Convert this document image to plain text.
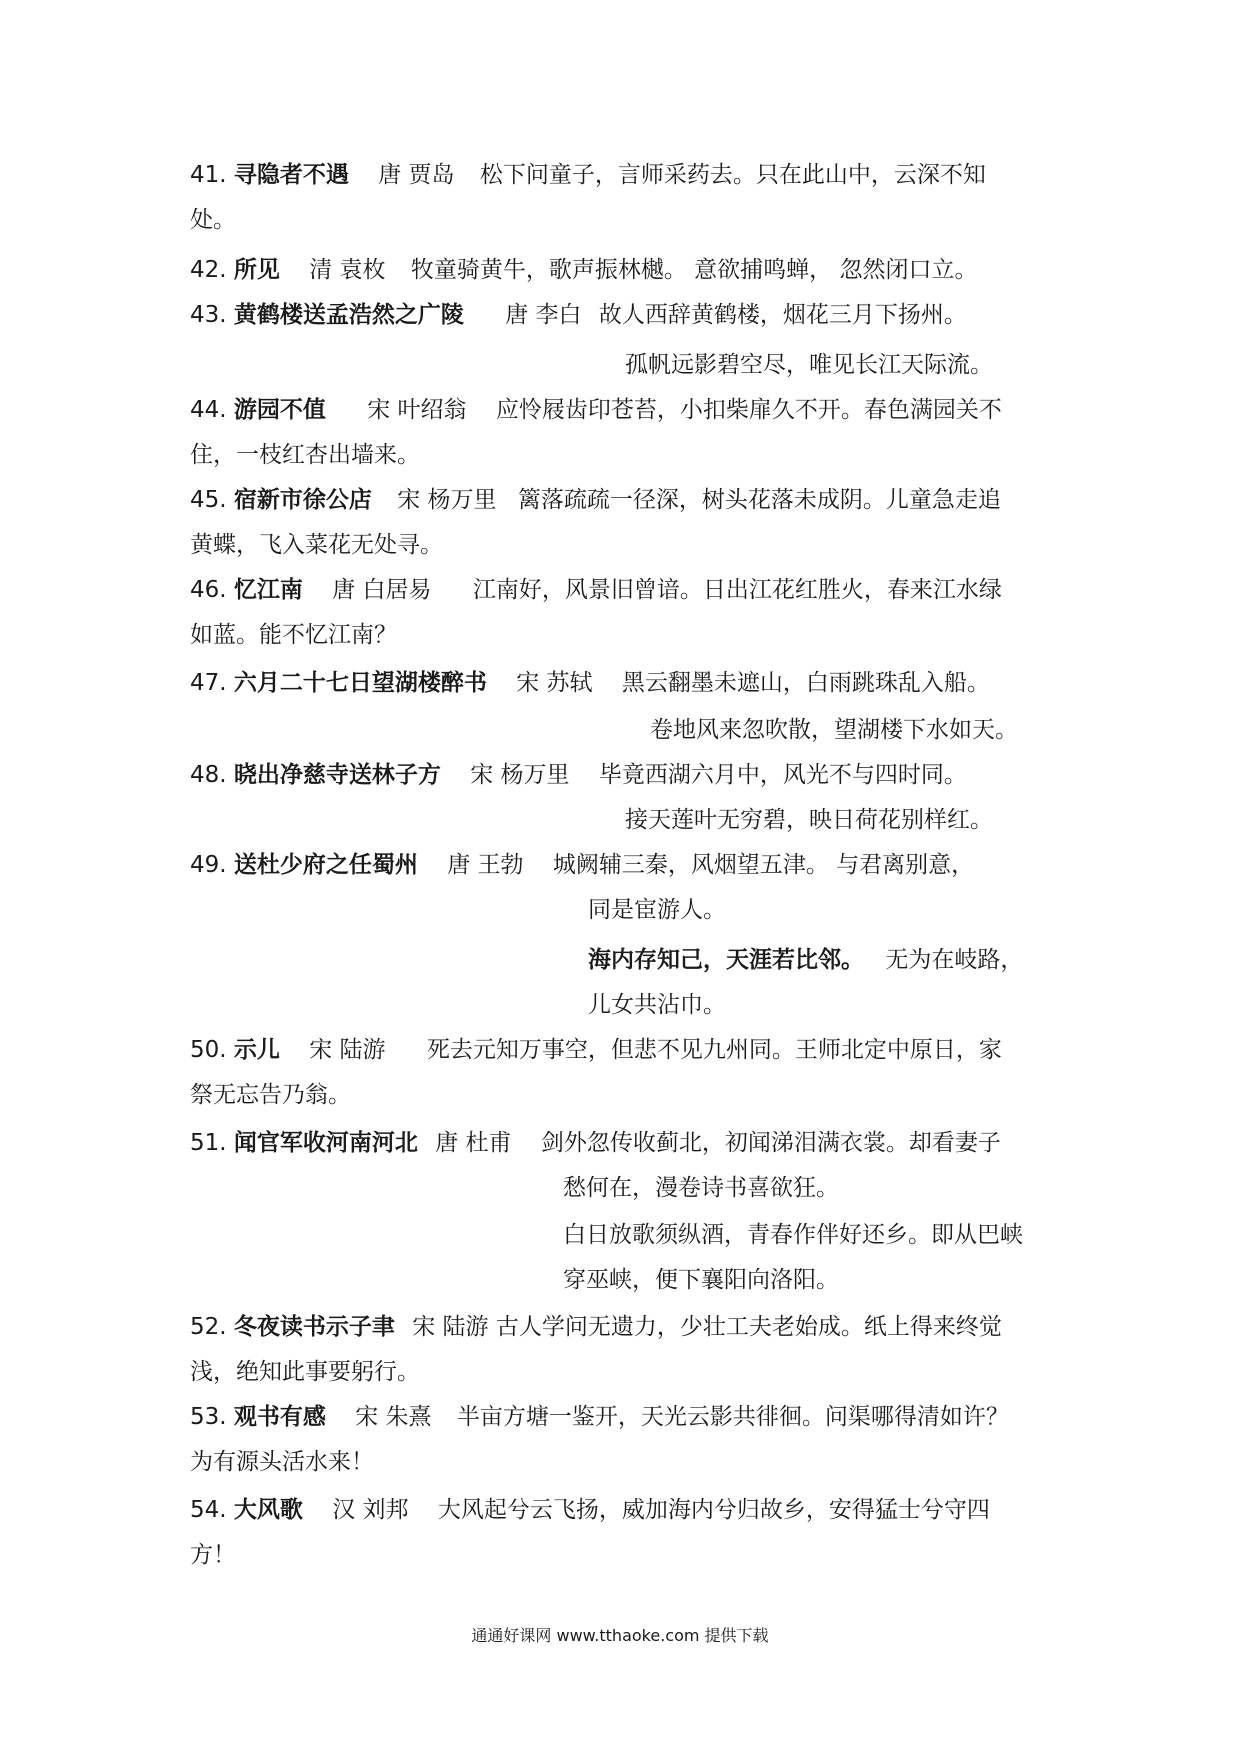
41. 寻隐者不遇 唐 贾岛 松下问童子，言师采药去。只在此山中，云深不知
处。
42. 所见 清 袁枚 牧童骑黄牛，歌声振林樾。 意欲捕鸣蝉， 忽然闭口立。
43. 黄鹤楼送孟浩然之广陵 唐 李白 故人西辞黄鹤楼，烟花三月下扬州。
孤帆远影碧空尽，唯见长江天际流。
44. 游园不值 宋 叶绍翁 应怜屐齿印苍苔，小扣柴扉久不开。春色满园关不
住，一枝红杏出墙来。
45. 宿新市徐公店 宋 杨万里 篱落疏疏一径深，树头花落未成阴。儿童急走追
黄蝶，飞入菜花无处寻。
46. 忆江南 唐 白居易 江南好，风景旧曾谙。日出江花红胜火，春来江水绿
如蓝。能不忆江南？
47. 六月二十七日望湖楼醉书 宋 苏轼 黑云翻墨未遮山，白雨跳珠乱入船。
卷地风来忽吹散，望湖楼下水如天。
48. 晓出净慈寺送林子方 宋 杨万里 毕竟西湖六月中，风光不与四时同。
接天莲叶无穷碧，映日荷花别样红。
49. 送杜少府之任蜀州 唐 王勃 城阙辅三秦，风烟望五津。 与君离别意，
同是宦游人。
海内存知己，天涯若比邻。 无为在岐路，
儿女共沾巾。
50. 示儿 宋 陆游 死去元知万事空，但悲不见九州同。王师北定中原日，家
祭无忘告乃翁。
51. 闻官军收河南河北 唐 杜甫 剑外忽传收蓟北，初闻涕泪满衣裳。却看妻子
愁何在，漫卷诗书喜欲狂。
白日放歌须纵酒，青春作伴好还乡。即从巴峡
穿巫峡，便下襄阳向洛阳。
52. 冬夜读书示子聿 宋 陆游 古人学问无遗力，少壮工夫老始成。纸上得来终觉
浅，绝知此事要躬行。
53. 观书有感 宋 朱熹 半亩方塘一鉴开，天光云影共徘徊。问渠哪得清如许？
为有源头活水来！
54. 大风歌 汉 刘邦 大风起兮云飞扬，威加海内兮归故乡，安得猛士兮守四
方！
通通好课网 www.tthaoke.com 提供下载
